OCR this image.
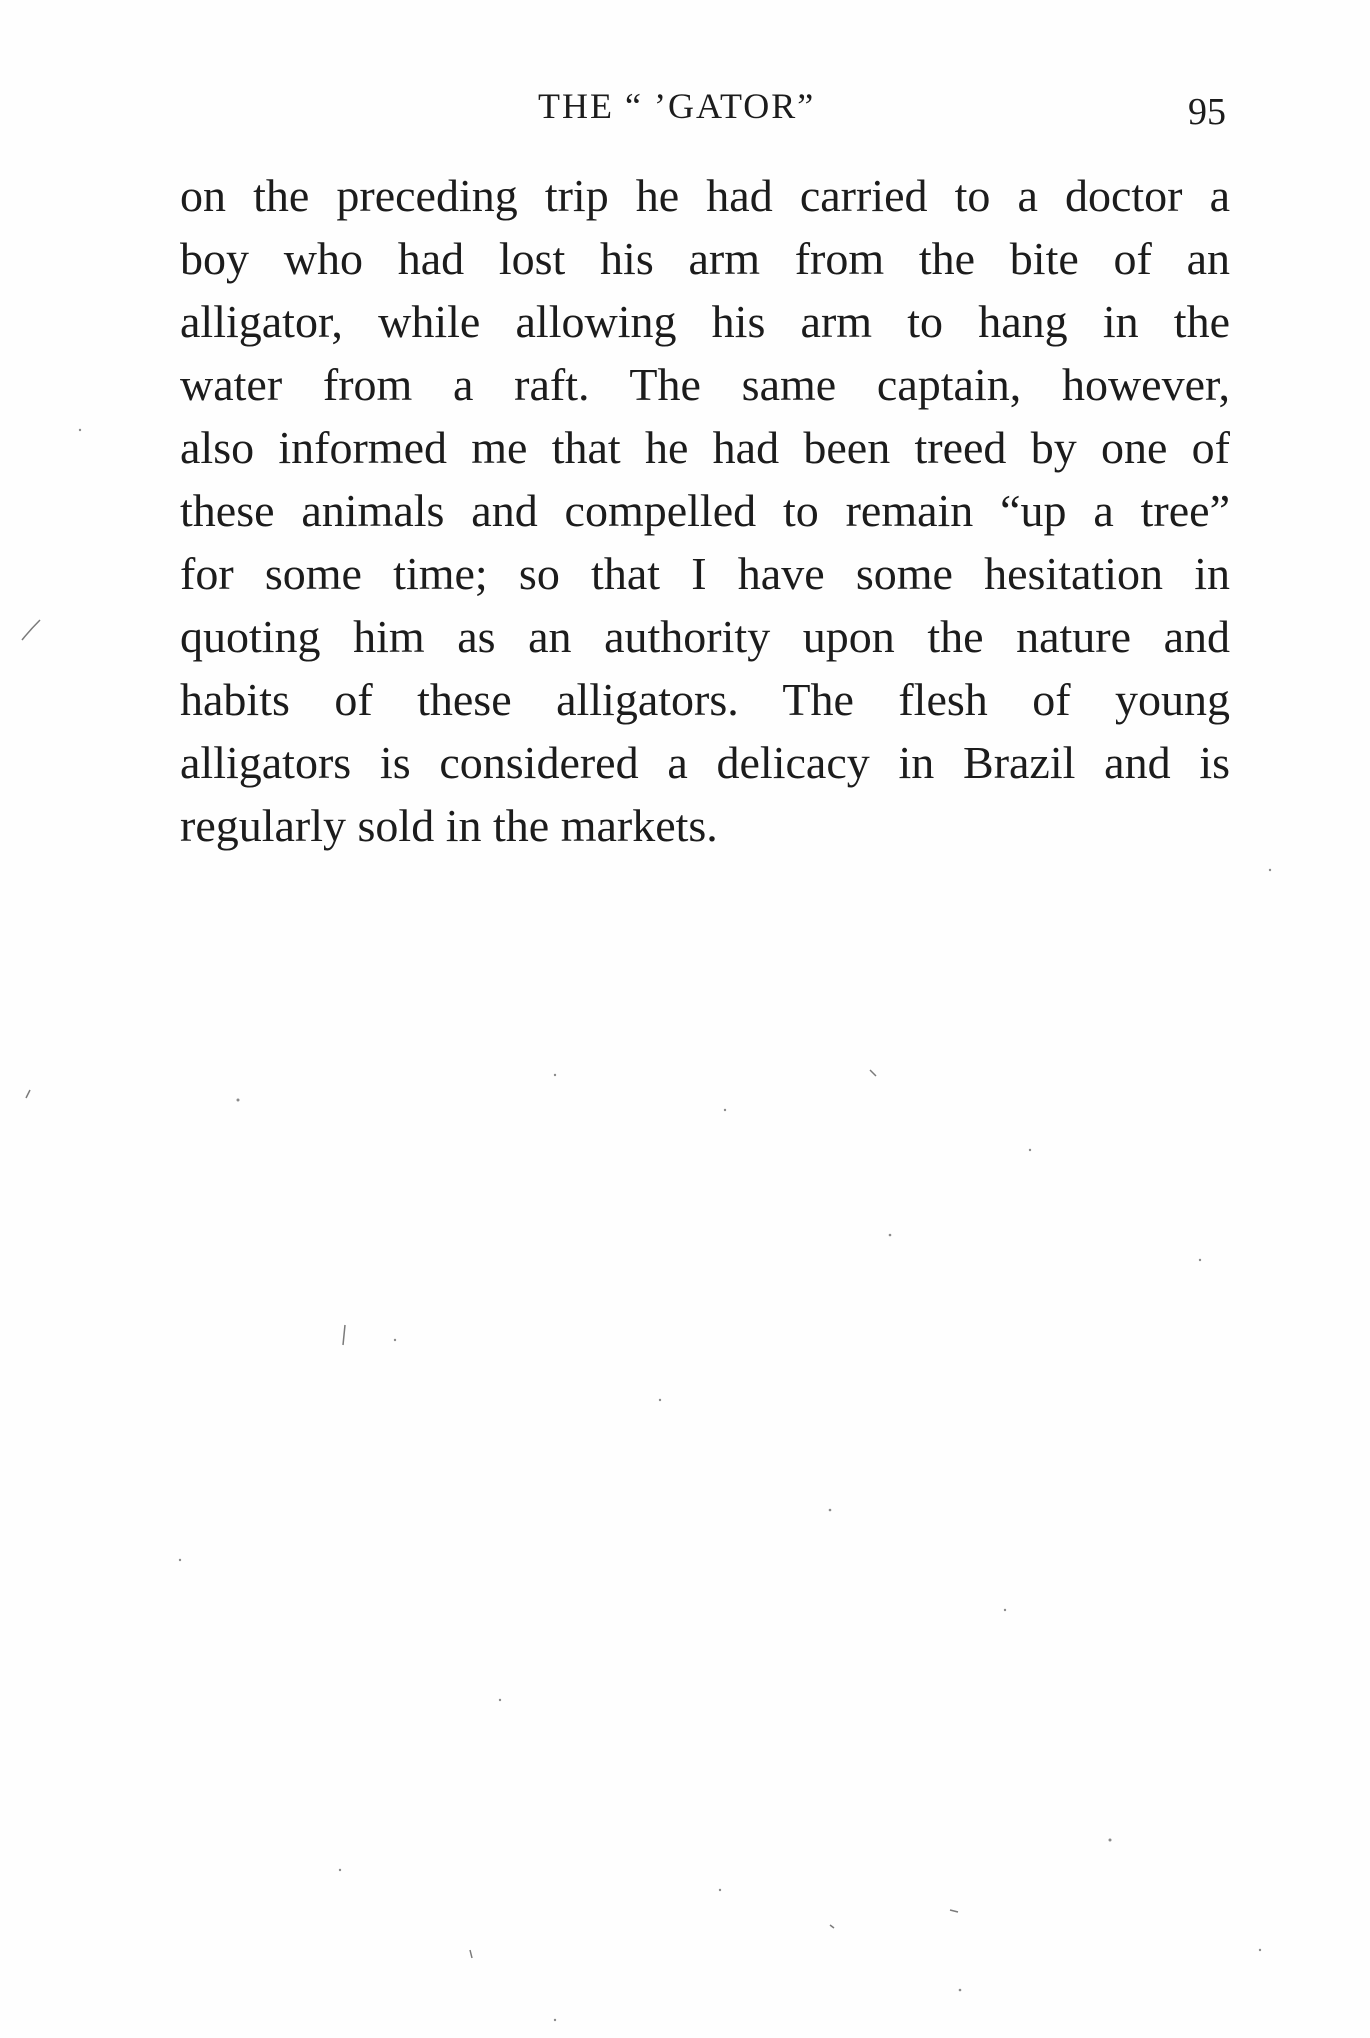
THE “ ’GATOR”	95
on the preceding trip he had carried to a doctor a
boy who had lost his arm from the bite of an
alligator, while allowing his arm to hang in the
water from a raft. The same captain, however,
also informed me that he had been treed by one of
these animals and compelled to remain “up a tree”
for some time; so that I have some hesitation in
quoting him as an authority upon the nature and
habits of these alligators. The flesh of young
alligators is considered a delicacy in Brazil and is
regularly sold in the markets.
